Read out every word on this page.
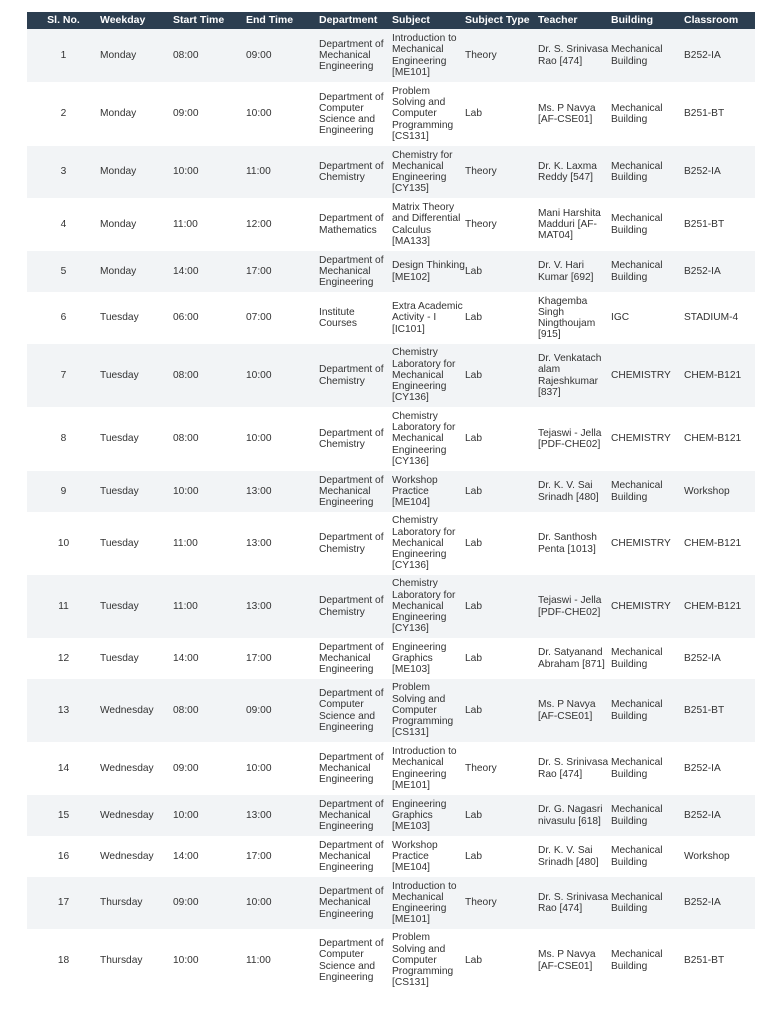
Sl. No.	Weekday	Start Time	End Time	Department	Subject	Subject Type	Teacher	Building	Classroom
1	Monday	08:00	09:00	Department of Mechanical Engineering	Introduction to Mechanical Engineering [ME101]	Theory	Dr. S. Srinivasa Rao [474]	Mechanical Building	B252-IA
2	Monday	09:00	10:00	Department of Computer Science and Engineering	Problem Solving and Computer Programming [CS131]	Lab	Ms. P Navya [AF-CSE01]	Mechanical Building	B251-BT
3	Monday	10:00	11:00	Department of Chemistry	Chemistry for Mechanical Engineering [CY135]	Theory	Dr. K. Laxma Reddy [547]	Mechanical Building	B252-IA
4	Monday	11:00	12:00	Department of Mathematics	Matrix Theory and Differential Calculus [MA133]	Theory	Mani Harshita Madduri [AF-MAT04]	Mechanical Building	B251-BT
5	Monday	14:00	17:00	Department of Mechanical Engineering	Design Thinking [ME102]	Lab	Dr. V. Hari Kumar [692]	Mechanical Building	B252-IA
6	Tuesday	06:00	07:00	Institute Courses	Extra Academic Activity - I [IC101]	Lab	Khagemba Singh Ningthoujam [915]	IGC	STADIUM-4
7	Tuesday	08:00	10:00	Department of Chemistry	Chemistry Laboratory for Mechanical Engineering [CY136]	Lab	Dr. Venkatach alam Rajeshkumar [837]	CHEMISTRY	CHEM-B121
8	Tuesday	08:00	10:00	Department of Chemistry	Chemistry Laboratory for Mechanical Engineering [CY136]	Lab	Tejaswi - Jella [PDF-CHE02]	CHEMISTRY	CHEM-B121
9	Tuesday	10:00	13:00	Department of Mechanical Engineering	Workshop Practice [ME104]	Lab	Dr. K. V. Sai Srinadh [480]	Mechanical Building	Workshop
10	Tuesday	11:00	13:00	Department of Chemistry	Chemistry Laboratory for Mechanical Engineering [CY136]	Lab	Dr. Santhosh Penta [1013]	CHEMISTRY	CHEM-B121
11	Tuesday	11:00	13:00	Department of Chemistry	Chemistry Laboratory for Mechanical Engineering [CY136]	Lab	Tejaswi - Jella [PDF-CHE02]	CHEMISTRY	CHEM-B121
12	Tuesday	14:00	17:00	Department of Mechanical Engineering	Engineering Graphics [ME103]	Lab	Dr. Satyanand Abraham [871]	Mechanical Building	B252-IA
13	Wednesday	08:00	09:00	Department of Computer Science and Engineering	Problem Solving and Computer Programming [CS131]	Lab	Ms. P Navya [AF-CSE01]	Mechanical Building	B251-BT
14	Wednesday	09:00	10:00	Department of Mechanical Engineering	Introduction to Mechanical Engineering [ME101]	Theory	Dr. S. Srinivasa Rao [474]	Mechanical Building	B252-IA
15	Wednesday	10:00	13:00	Department of Mechanical Engineering	Engineering Graphics [ME103]	Lab	Dr. G. Nagasri nivasulu [618]	Mechanical Building	B252-IA
16	Wednesday	14:00	17:00	Department of Mechanical Engineering	Workshop Practice [ME104]	Lab	Dr. K. V. Sai Srinadh [480]	Mechanical Building	Workshop
17	Thursday	09:00	10:00	Department of Mechanical Engineering	Introduction to Mechanical Engineering [ME101]	Theory	Dr. S. Srinivasa Rao [474]	Mechanical Building	B252-IA
18	Thursday	10:00	11:00	Department of Computer Science and Engineering	Problem Solving and Computer Programming [CS131]	Lab	Ms. P Navya [AF-CSE01]	Mechanical Building	B251-BT
